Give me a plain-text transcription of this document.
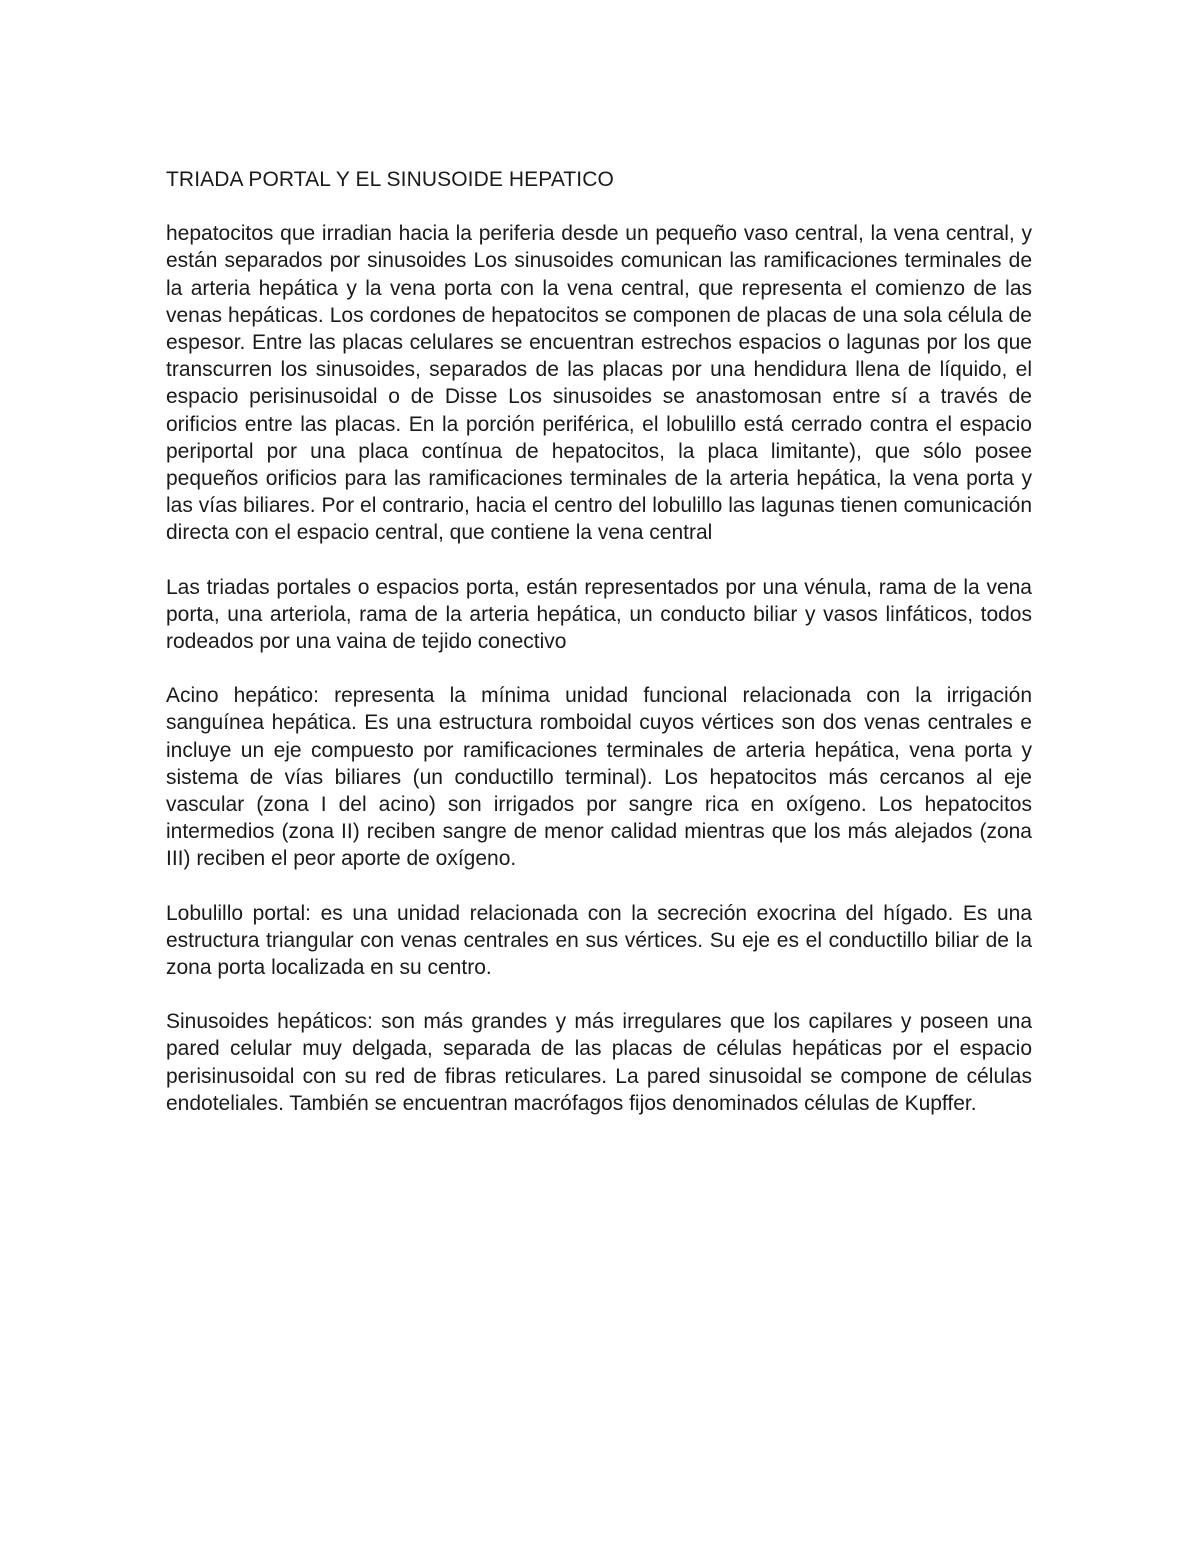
TRIADA PORTAL Y EL SINUSOIDE HEPATICO

hepatocitos que irradian hacia la periferia desde un pequeño vaso central, la vena central, y están separados por sinusoides Los sinusoides comunican las ramificaciones terminales de la arteria hepática y la vena porta con la vena central, que representa el comienzo de las venas hepáticas. Los cordones de hepatocitos se componen de placas de una sola célula de espesor. Entre las placas celulares se encuentran estrechos espacios o lagunas por los que transcurren los sinusoides, separados de las placas por una hendidura llena de líquido, el espacio perisinusoidal o de Disse Los sinusoides se anastomosan entre sí a través de orificios entre las placas. En la porción periférica, el lobulillo está cerrado contra el espacio periportal por una placa contínua de hepatocitos, la placa limitante), que sólo posee pequeños orificios para las ramificaciones terminales de la arteria hepática, la vena porta y las vías biliares. Por el contrario, hacia el centro del lobulillo las lagunas tienen comunicación directa con el espacio central, que contiene la vena central

Las triadas portales o espacios porta, están representados por una vénula, rama de la vena porta, una arteriola, rama de la arteria hepática, un conducto biliar y vasos linfáticos, todos rodeados por una vaina de tejido conectivo

Acino hepático: representa la mínima unidad funcional relacionada con la irrigación sanguínea hepática. Es una estructura romboidal cuyos vértices son dos venas centrales e incluye un eje compuesto por ramificaciones terminales de arteria hepática, vena porta y sistema de vías biliares (un conductillo terminal). Los hepatocitos más cercanos al eje vascular (zona I del acino) son irrigados por sangre rica en oxígeno. Los hepatocitos intermedios (zona II) reciben sangre de menor calidad mientras que los más alejados (zona III) reciben el peor aporte de oxígeno.

Lobulillo portal: es una unidad relacionada con la secreción exocrina del hígado. Es una estructura triangular con venas centrales en sus vértices. Su eje es el conductillo biliar de la zona porta localizada en su centro.

Sinusoides hepáticos: son más grandes y más irregulares que los capilares y poseen una pared celular muy delgada, separada de las placas de células hepáticas por el espacio perisinusoidal con su red de fibras reticulares. La pared sinusoidal se compone de células endoteliales. También se encuentran macrófagos fijos denominados células de Kupffer.
